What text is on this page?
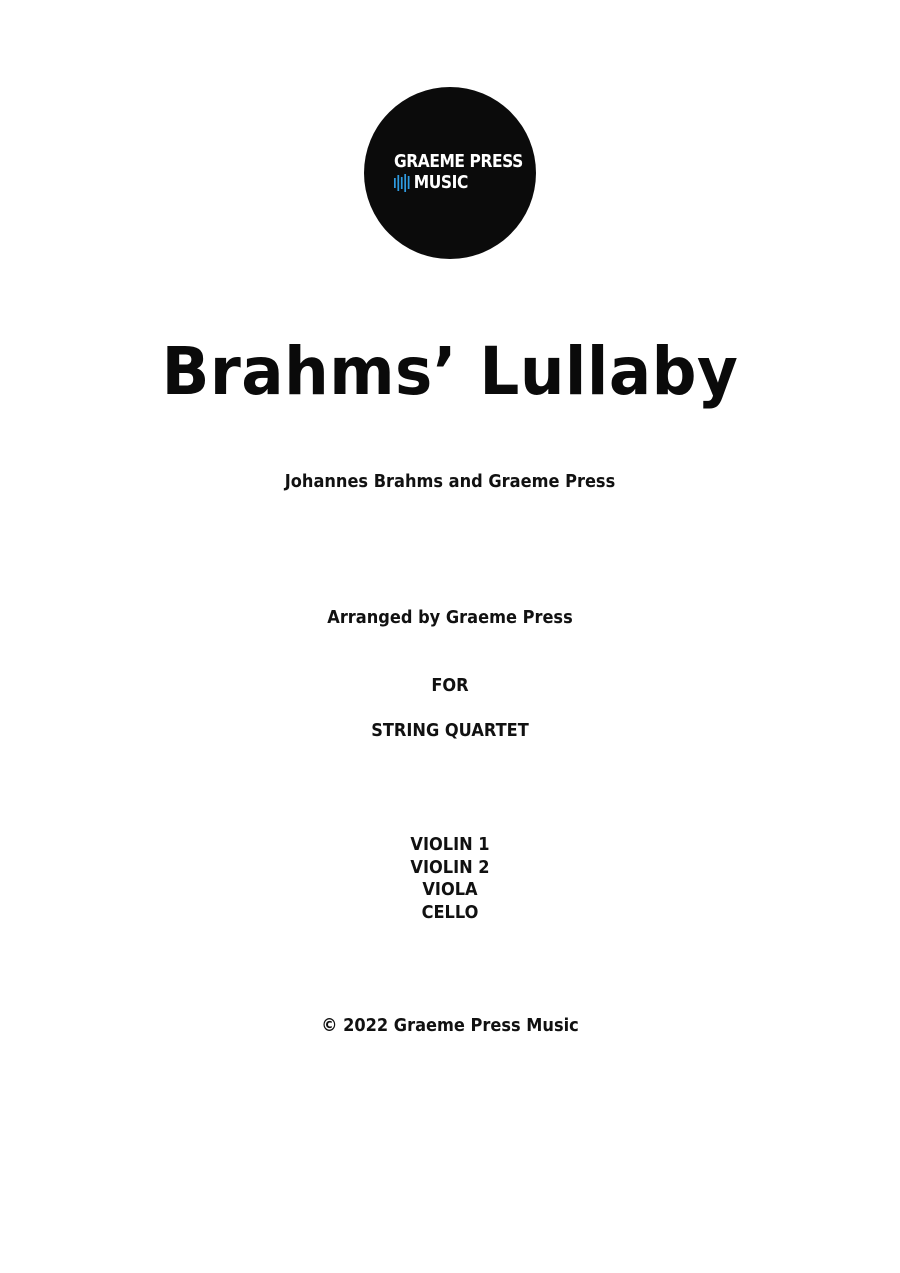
GRAEME PRESS
MUSIC
Brahms’ Lullaby
Johannes Brahms and Graeme Press
Arranged by Graeme Press
FOR
STRING QUARTET
VIOLIN 1
VIOLIN 2
VIOLA
CELLO
© 2022 Graeme Press Music
